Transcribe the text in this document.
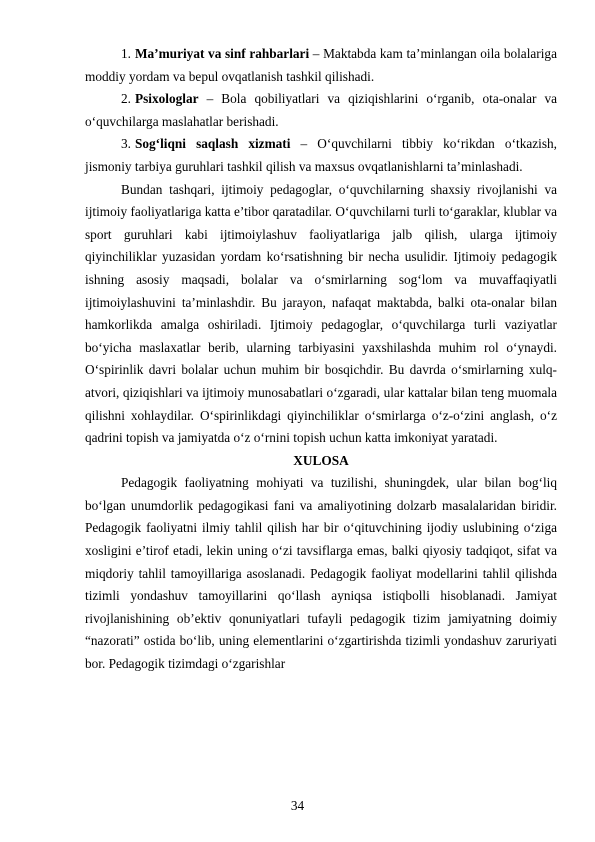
1. Ma’muriyat va sinf rahbarlari – Maktabda kam ta’minlangan oila bolalariga moddiy yordam va bepul ovqatlanish tashkil qilishadi.

2. Psixologlar – Bola qobiliyatlari va qiziqishlarini o‘rganib, ota-onalar va o‘quvchilarga maslahatlar berishadi.

3. Sog‘liqni saqlash xizmati – O‘quvchilarni tibbiy ko‘rikdan o‘tkazish, jismoniy tarbiya guruhlari tashkil qilish va maxsus ovqatlanishlarni ta’minlashadi.

Bundan tashqari, ijtimoiy pedagoglar, o‘quvchilarning shaxsiy rivojlanishi va ijtimoiy faoliyatlariga katta e’tibor qaratadilar. O‘quvchilarni turli to‘garaklar, klublar va sport guruhlari kabi ijtimoiylashuv faoliyatlariga jalb qilish, ularga ijtimoiy qiyinchiliklar yuzasidan yordam ko‘rsatishning bir necha usulidir. Ijtimoiy pedagogik ishning asosiy maqsadi, bolalar va o‘smirlarning sog‘lom va muvaffaqiyatli ijtimoiylashuvini ta’minlashdir. Bu jarayon, nafaqat maktabda, balki ota-onalar bilan hamkorlikda amalga oshiriladi. Ijtimoiy pedagoglar, o‘quvchilarga turli vaziyatlar bo‘yicha maslaxatlar berib, ularning tarbiyasini yaxshilashda muhim rol o‘ynaydi. O‘spirinlik davri bolalar uchun muhim bir bosqichdir. Bu davrda o‘smirlarning xulq-atvori, qiziqishlari va ijtimoiy munosabatlari o‘zgaradi, ular kattalar bilan teng muomala qilishni xohlaydilar. O‘spirinlikdagi qiyinchiliklar o‘smirlarga o‘z-o‘zini anglash, o‘z qadrini topish va jamiyatda o‘z o‘rnini topish uchun katta imkoniyat yaratadi.

XULOSA

Pedagogik faoliyatning mohiyati va tuzilishi, shuningdek, ular bilan bog‘liq bo‘lgan unumdorlik pedagogikasi fani va amaliyotining dolzarb masalalaridan biridir. Pedagogik faoliyatni ilmiy tahlil qilish har bir o‘qituvchining ijodiy uslubining o‘ziga xosligini e’tirof etadi, lekin uning o‘zi tavsiflarga emas, balki qiyosiy tadqiqot, sifat va miqdoriy tahlil tamoyillariga asoslanadi. Pedagogik faoliyat modellarini tahlil qilishda tizimli yondashuv tamoyillarini qo‘llash ayniqsa istiqbolli hisoblanadi. Jamiyat rivojlanishining ob’ektiv qonuniyatlari tufayli pedagogik tizim jamiyatning doimiy “nazorati” ostida bo‘lib, uning elementlarini o‘zgartirishda tizimli yondashuv zaruriyati bor. Pedagogik tizimdagi o‘zgarishlar

34
